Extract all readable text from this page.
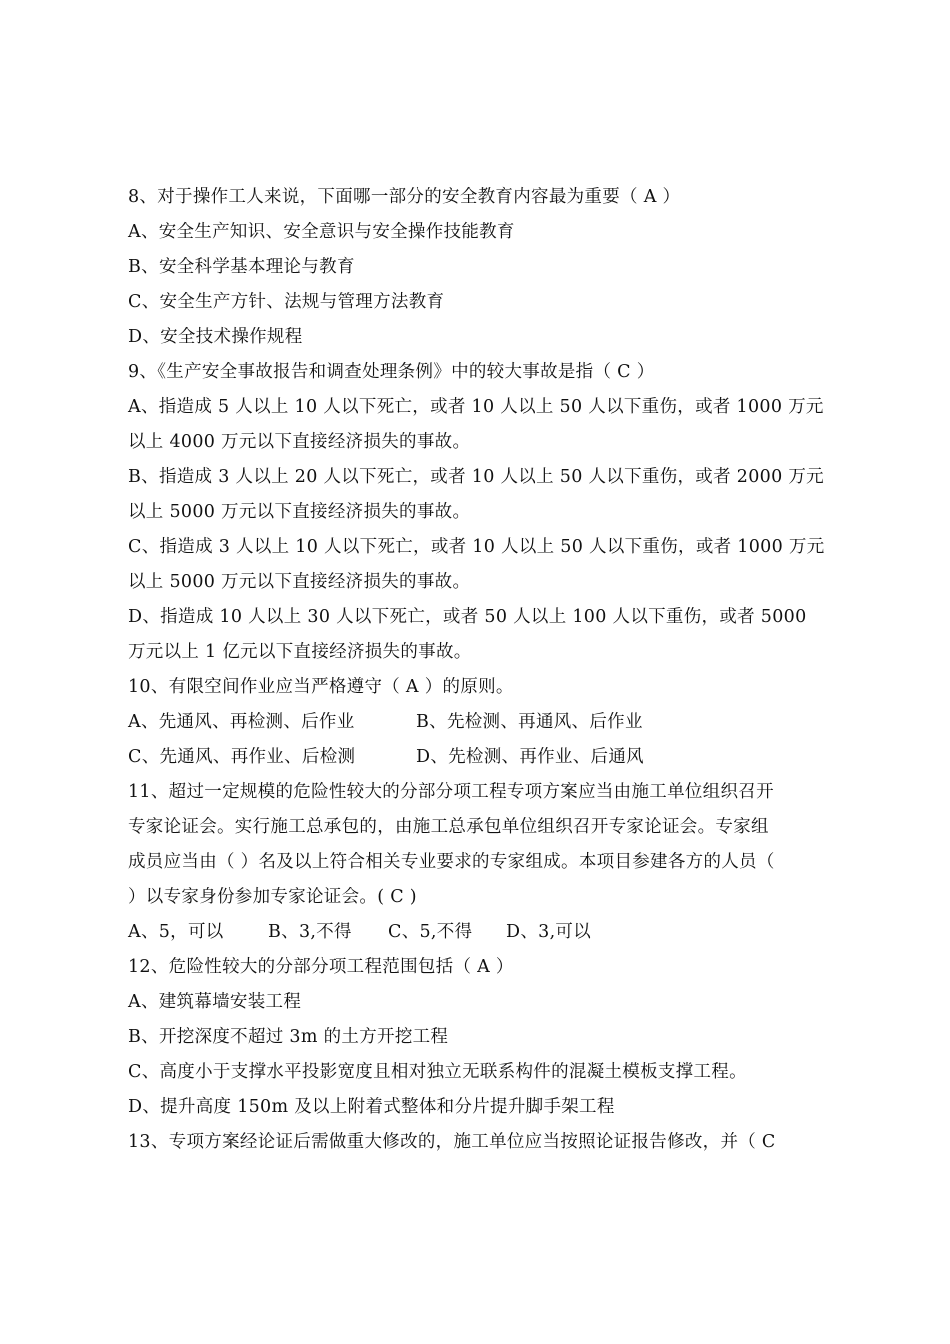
8、对于操作工人来说，下面哪一部分的安全教育内容最为重要（ A ）
A、安全生产知识、安全意识与安全操作技能教育
B、安全科学基本理论与教育
C、安全生产方针、法规与管理方法教育
D、安全技术操作规程
9、《生产安全事故报告和调查处理条例》中的较大事故是指（ C ）
A、指造成 5 人以上 10 人以下死亡，或者 10 人以上 50 人以下重伤，或者 1000 万元
以上 4000 万元以下直接经济损失的事故。
B、指造成 3 人以上 20 人以下死亡，或者 10 人以上 50 人以下重伤，或者 2000 万元
以上 5000 万元以下直接经济损失的事故。
C、指造成 3 人以上 10 人以下死亡，或者 10 人以上 50 人以下重伤，或者 1000 万元
以上 5000 万元以下直接经济损失的事故。
D、指造成 10 人以上 30 人以下死亡，或者 50 人以上 100 人以下重伤，或者 5000
万元以上 1 亿元以下直接经济损失的事故。
10、有限空间作业应当严格遵守（ A ）的原则。
A、先通风、再检测、后作业	B、先检测、再通风、后作业
C、先通风、再作业、后检测	D、先检测、再作业、后通风
11、超过一定规模的危险性较大的分部分项工程专项方案应当由施工单位组织召开
专家论证会。实行施工总承包的，由施工总承包单位组织召开专家论证会。专家组
成员应当由（ ）名及以上符合相关专业要求的专家组成。本项目参建各方的人员（
）以专家身份参加专家论证会。( C )
A、5，可以	B、3,不得	C、5,不得	D、3,可以
12、危险性较大的分部分项工程范围包括（ A ）
A、建筑幕墙安装工程
B、开挖深度不超过 3m 的土方开挖工程
C、高度小于支撑水平投影宽度且相对独立无联系构件的混凝土模板支撑工程。
D、提升高度 150m 及以上附着式整体和分片提升脚手架工程
13、专项方案经论证后需做重大修改的，施工单位应当按照论证报告修改，并（ C
